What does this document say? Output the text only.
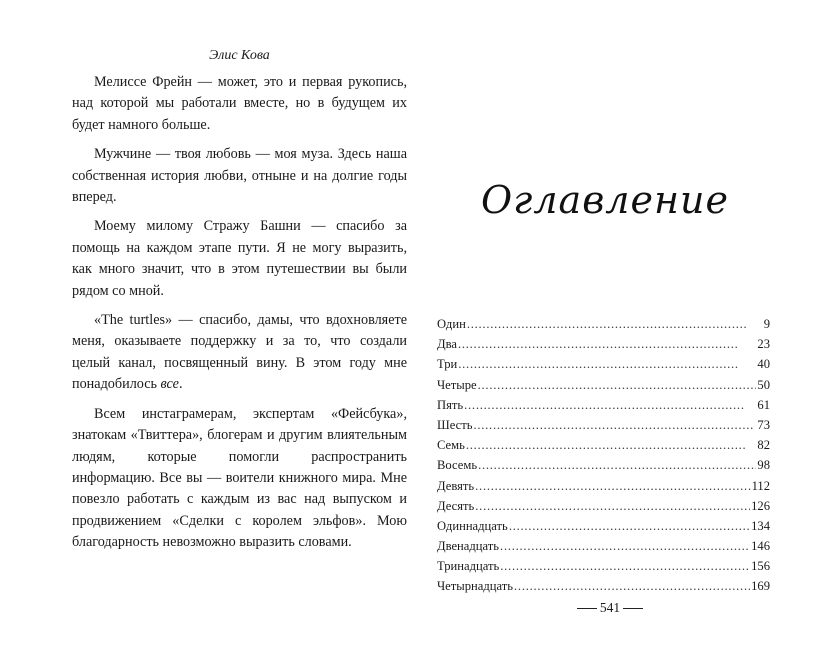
Элис Кова

Мелиссе Фрейн — может, это и первая рукопись, над которой мы работали вместе, но в будущем их будет намного больше.

Мужчине — твоя любовь — моя муза. Здесь наша собственная история любви, отныне и на долгие годы вперед.

Моему милому Стражу Башни — спасибо за помощь на каждом этапе пути. Я не могу выразить, как много значит, что в этом путешествии вы были рядом со мной.

«The turtles» — спасибо, дамы, что вдохновляете меня, оказываете поддержку и за то, что создали целый канал, посвященный вину. В этом году мне понадобилось все.

Всем инстаграмерам, экспертам «Фейсбука», знатокам «Твиттера», блогерам и другим влиятельным людям, которые помогли распространить информацию. Все вы — воители книжного мира. Мне повезло работать с каждым из вас над выпуском и продвижением «Сделки с королем эльфов». Мою благодарность невозможно выразить словами.

Оглавление
Один . . .	9
Два . . .	23
Три . . .	40
Четыре . . .	50
Пять . . .	61
Шесть . . .	73
Семь . . .	82
Восемь . . .	98
Девять . . .	112
Десять . . .	126
Одиннадцать . . .	134
Двенадцать . . .	146
Тринадцать . . .	156
Четырнадцать . . .	169
541
